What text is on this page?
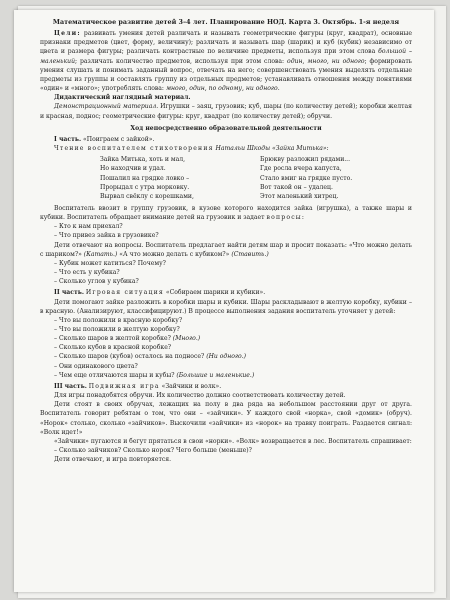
Математическое развитие детей 3–4 лет. Планирование НОД. Карта 3. Октябрь. 1-я неделя

Цели: развивать умения детей различать и называть геометрические фигуры (круг, квадрат), основные признаки предметов (цвет, форму, величину); различать и называть шар (шарик) и куб (кубик) независимо от цвета и размера фигуры; различать контрастные по величине предметы, используя при этом слова большой – маленький; различать количество предметов, используя при этом слова: один, много, ни одного; формировать умения слушать и понимать заданный вопрос, отвечать на него; совершенствовать умения выделять отдельные предметы из группы и составлять группу из отдельных предметов; устанавливать отношения между понятиями «один» и «много»; употреблять слова: много, один, по одному, ни одного.

Дидактический наглядный материал.

Демонстрационный материал. Игрушки – заяц, грузовик; куб, шары (по количеству детей); коробки желтая и красная, поднос; геометрические фигуры: круг, квадрат (по количеству детей); обручи.

Ход непосредственно образовательной деятельности

I часть. «Поиграем с зайкой».

Чтение воспитателем стихотворения Натальи Шкоды «Зайка Митька»:

Зайка Митька, хоть и мал,
Но находчив и удал.
Пошалил на грядке ловко –
Прорыдал с утра морковку.
Вырвал свёклу с корешками,
Брюкву разложил рядами...
Где росла вчера капуста,
Стало вмиг на грядке пусто.
Вот такой он – удалец.
Этот маленький хитрец.

Воспитатель ввозит в группу грузовик, в кузове которого находится зайка (игрушка), а также шары и кубики. Воспитатель обращает внимание детей на грузовик и задает вопросы:

– Кто к нам приехал?

– Что привез зайка в грузовике?

Дети отвечают на вопросы. Воспитатель предлагает найти детям шар и просит показать: «Что можно делать с шариком?» (Катать.) «А что можно делать с кубиком?» (Ставить.)

– Кубик может катиться? Почему?

– Что есть у кубика?

– Сколько углов у кубика?

II часть. Игровая ситуация «Собираем шарики и кубики».

Дети помогают зайке разложить в коробки шары и кубики. Шары раскладывают в желтую коробку, кубики – в красную. (Анализируют, классифицируют.) В процессе выполнения задания воспитатель уточняет у детей:

– Что вы положили в красную коробку?

– Что вы положили в желтую коробку?

– Сколько шаров в желтой коробке? (Много.)

– Сколько кубов в красной коробке?

– Сколько шаров (кубов) осталось на подносе? (Ни одного.)

– Они одинакового цвета?

– Чем еще отличаются шары и кубы? (Большие и маленькие.)

III часть. Подвижная игра «Зайчики и волк».

Для игры понадобятся обручи. Их количество должно соответствовать количеству детей.

Дети стоят в своих обручах, лежащих на полу в два ряда на небольшом расстоянии друг от друга. Воспитатель говорит ребятам о том, что они – «зайчики». У каждого свой «норка», свой «домик» (обруч). «Норок» столько, сколько «зайчиков». Выскочили «зайчики» из «норок» на травку поиграть. Раздается сигнал: «Волк идет!»

«Зайчики» пугаются и бегут прятаться в свои «норки». «Волк» возвращается в лес. Воспитатель спрашивает:

– Сколько зайчиков? Сколько норок? Чего больше (меньше)?

Дети отвечают, и игра повторяется.
